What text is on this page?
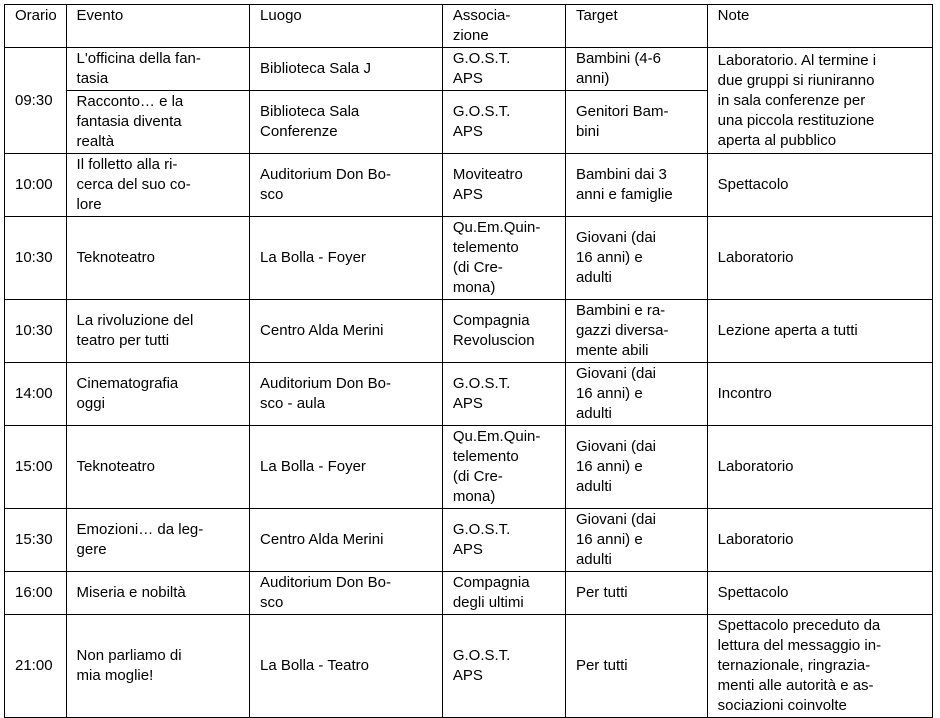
Orario	Evento	Luogo	Associa-
zione	Target	Note

09:30	L'officina della fan-
tasia	Biblioteca Sala J	G.O.S.T.
APS	Bambini (4-6
anni)	Laboratorio. Al termine i
due gruppi si riuniranno
in sala conferenze per
una piccola restituzione
aperta al pubblico

	Racconto… e la
fantasia diventa
realtà	Biblioteca Sala
Conferenze	G.O.S.T.
APS	Genitori Bam-
bini	

10:00	Il folletto alla ri-
cerca del suo co-
lore	Auditorium Don Bo-
sco	Moviteatro
APS	Bambini dai 3
anni e famiglie	Spettacolo

10:30	Teknoteatro	La Bolla - Foyer	Qu.Em.Quin-
telemento
(di Cre-
mona)	Giovani (dai
16 anni) e
adulti	Laboratorio

10:30	La rivoluzione del
teatro per tutti	Centro Alda Merini	Compagnia
Revoluscion	Bambini e ra-
gazzi diversa-
mente abili	Lezione aperta a tutti

14:00	Cinematografia
oggi	Auditorium Don Bo-
sco - aula	G.O.S.T.
APS	Giovani (dai
16 anni) e
adulti	Incontro

15:00	Teknoteatro	La Bolla - Foyer	Qu.Em.Quin-
telemento
(di Cre-
mona)	Giovani (dai
16 anni) e
adulti	Laboratorio

15:30	Emozioni… da leg-
gere	Centro Alda Merini	G.O.S.T.
APS	Giovani (dai
16 anni) e
adulti	Laboratorio

16:00	Miseria e nobiltà	Auditorium Don Bo-
sco	Compagnia
degli ultimi	Per tutti	Spettacolo

21:00	Non parliamo di
mia moglie!	La Bolla - Teatro	G.O.S.T.
APS	Per tutti	Spettacolo preceduto da
lettura del messaggio in-
ternazionale, ringrazia-
menti alle autorità e as-
sociazioni coinvolte
